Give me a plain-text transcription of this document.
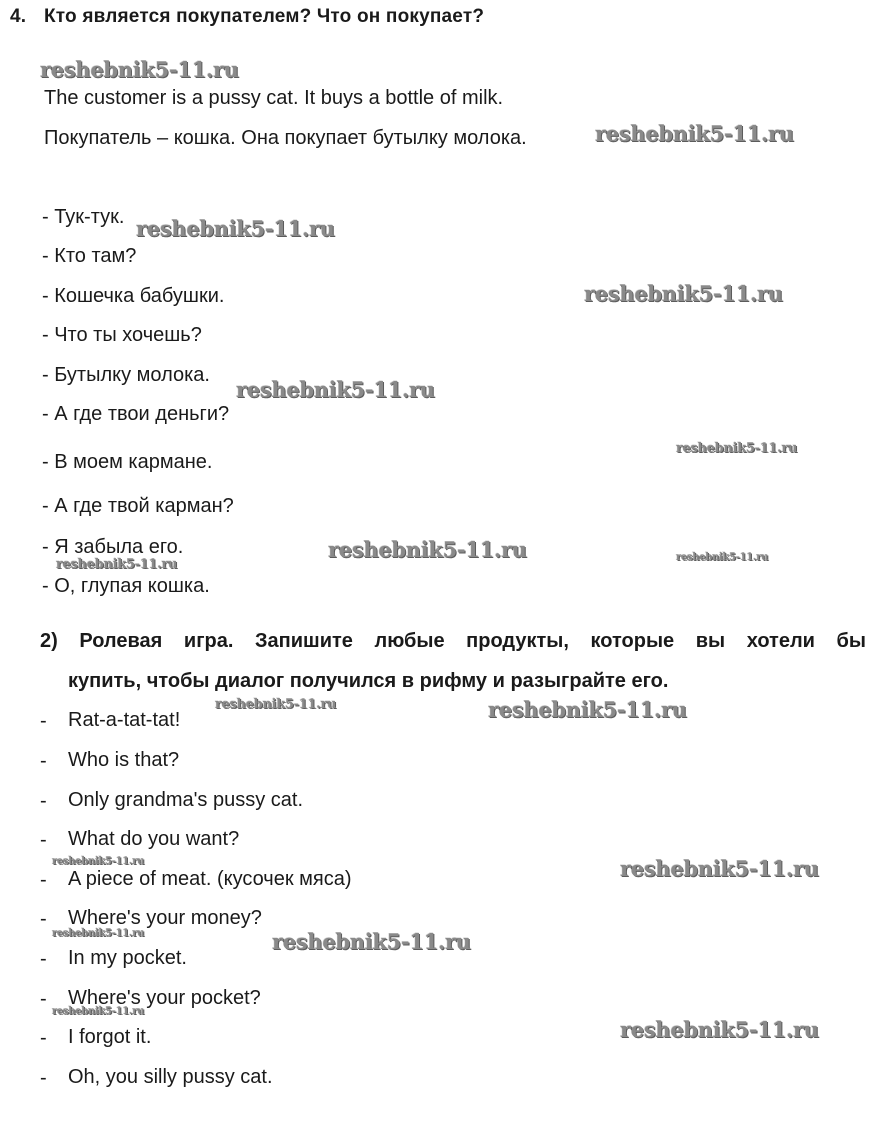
4. Кто является покупателем? Что он покупает?
The customer is a pussy cat. It buys a bottle of milk.
Покупатель – кошка. Она покупает бутылку молока.
- Тук-тук.
- Кто там?
- Кошечка бабушки.
- Что ты хочешь?
- Бутылку молока.
- А где твои деньги?
- В моем кармане.
- А где твой карман?
- Я забыла его.
- О, глупая кошка.
2) Ролевая игра. Запишите любые продукты, которые вы хотели бы
купить, чтобы диалог получился в рифму и разыграйте его.
- Rat-a-tat-tat!
- Who is that?
- Only grandma's pussy cat.
- What do you want?
- A piece of meat. (кусочек мяса)
- Where's your money?
- In my pocket.
- Where's your pocket?
- I forgot it.
- Oh, you silly pussy cat.
reshebnik5-11.ru
reshebnik5-11.ru
reshebnik5-11.ru
reshebnik5-11.ru
reshebnik5-11.ru
reshebnik5-11.ru
reshebnik5-11.ru	reshebnik5-11.ru
reshebnik5-11.ru
reshebnik5-11.ru	reshebnik5-11.ru
reshebnik5-11.ru	reshebnik5-11.ru
reshebnik5-11.ru	reshebnik5-11.ru
reshebnik5-11.ru
reshebnik5-11.ru
